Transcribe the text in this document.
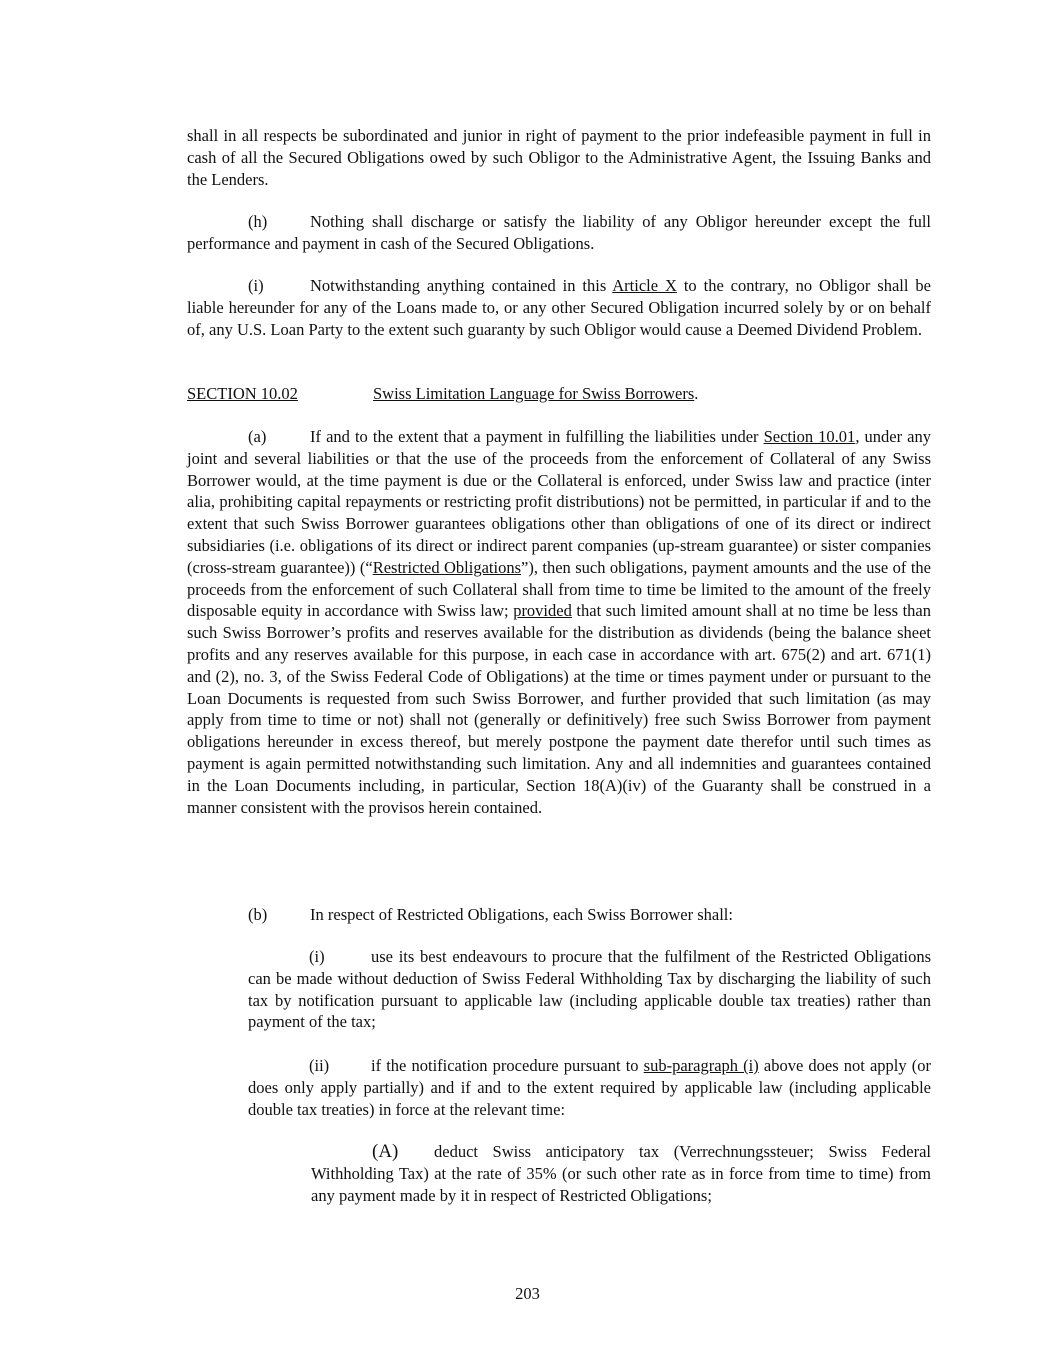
shall in all respects be subordinated and junior in right of payment to the prior indefeasible payment in full in cash of all the Secured Obligations owed by such Obligor to the Administrative Agent, the Issuing Banks and the Lenders.

(h)	Nothing shall discharge or satisfy the liability of any Obligor hereunder except the full performance and payment in cash of the Secured Obligations.

(i)	Notwithstanding anything contained in this Article X to the contrary, no Obligor shall be liable hereunder for any of the Loans made to, or any other Secured Obligation incurred solely by or on behalf of, any U.S. Loan Party to the extent such guaranty by such Obligor would cause a Deemed Dividend Problem.

SECTION 10.02	Swiss Limitation Language for Swiss Borrowers.

(a)	If and to the extent that a payment in fulfilling the liabilities under Section 10.01, under any joint and several liabilities or that the use of the proceeds from the enforcement of Collateral of any Swiss Borrower would, at the time payment is due or the Collateral is enforced, under Swiss law and practice (inter alia, prohibiting capital repayments or restricting profit distributions) not be permitted, in particular if and to the extent that such Swiss Borrower guarantees obligations other than obligations of one of its direct or indirect subsidiaries (i.e. obligations of its direct or indirect parent companies (up-stream guarantee) or sister companies (cross-stream guarantee)) (“Restricted Obligations”), then such obligations, payment amounts and the use of the proceeds from the enforcement of such Collateral shall from time to time be limited to the amount of the freely disposable equity in accordance with Swiss law; provided that such limited amount shall at no time be less than such Swiss Borrower’s profits and reserves available for the distribution as dividends (being the balance sheet profits and any reserves available for this purpose, in each case in accordance with art. 675(2) and art. 671(1) and (2), no. 3, of the Swiss Federal Code of Obligations) at the time or times payment under or pursuant to the Loan Documents is requested from such Swiss Borrower, and further provided that such limitation (as may apply from time to time or not) shall not (generally or definitively) free such Swiss Borrower from payment obligations hereunder in excess thereof, but merely postpone the payment date therefor until such times as payment is again permitted notwithstanding such limitation. Any and all indemnities and guarantees contained in the Loan Documents including, in particular, Section 18(A)(iv) of the Guaranty shall be construed in a manner consistent with the provisos herein contained.

(b)	In respect of Restricted Obligations, each Swiss Borrower shall:

(i)	use its best endeavours to procure that the fulfilment of the Restricted Obligations can be made without deduction of Swiss Federal Withholding Tax by discharging the liability of such tax by notification pursuant to applicable law (including applicable double tax treaties) rather than payment of the tax;

(ii)	if the notification procedure pursuant to sub-paragraph (i) above does not apply (or does only apply partially) and if and to the extent required by applicable law (including applicable double tax treaties) in force at the relevant time:

(A) deduct Swiss anticipatory tax (Verrechnungssteuer; Swiss Federal Withholding Tax) at the rate of 35% (or such other rate as in force from time to time) from any payment made by it in respect of Restricted Obligations;

203
